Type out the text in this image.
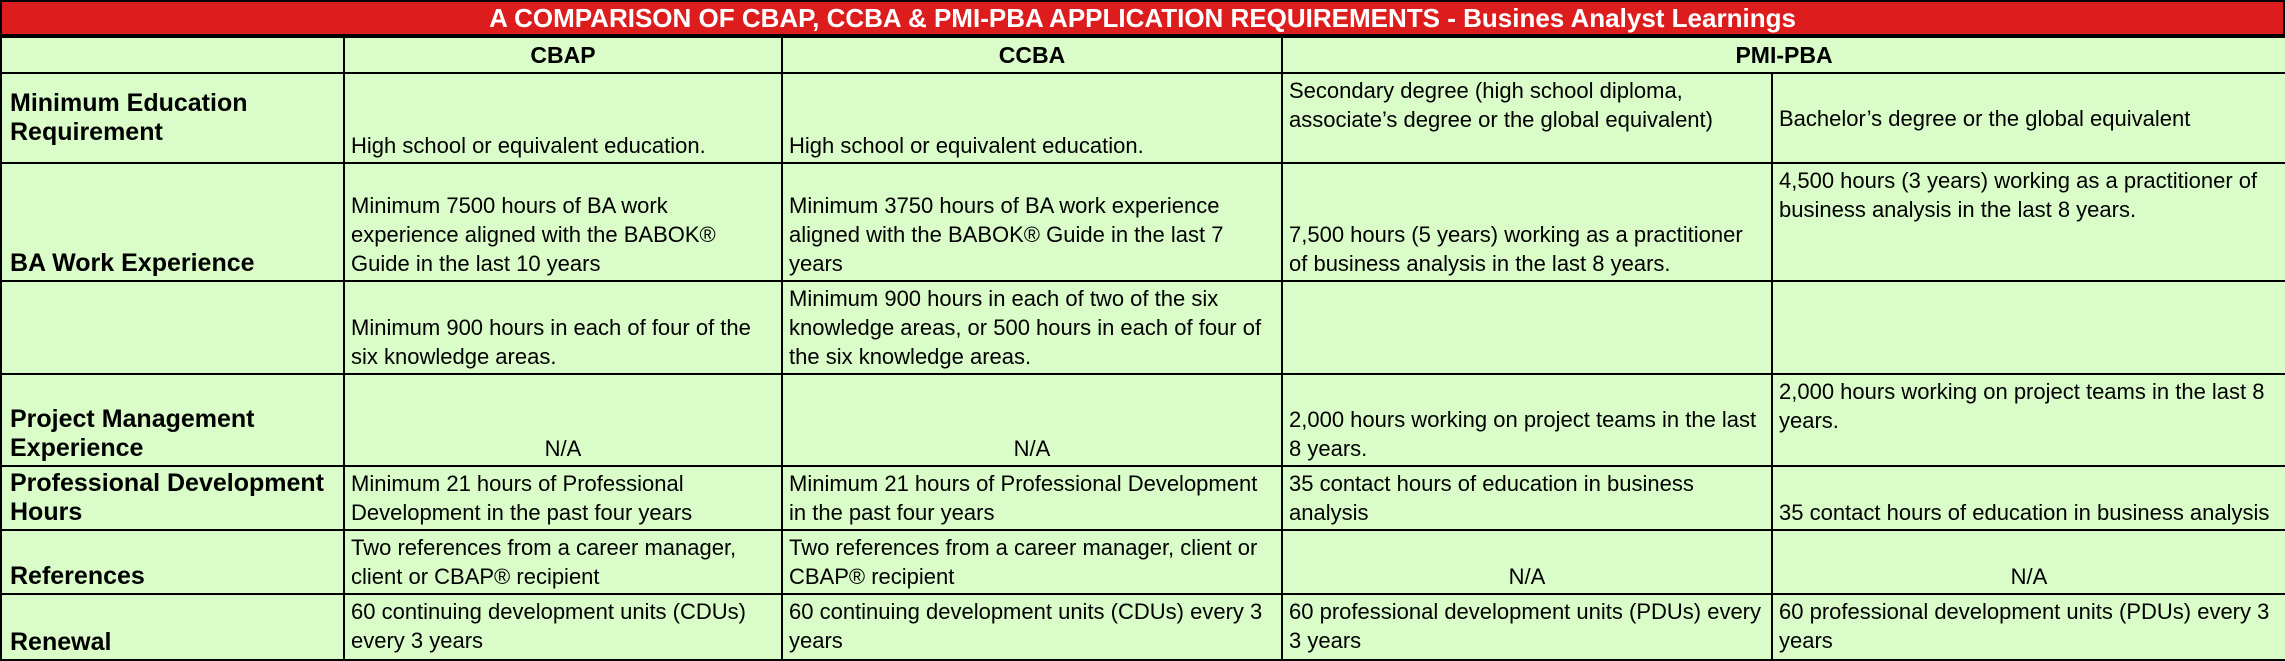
A COMPARISON OF CBAP, CCBA & PMI-PBA APPLICATION REQUIREMENTS - Busines Analyst Learnings
	CBAP	CCBA	PMI-PBA	
Minimum Education Requirement	High school or equivalent education.	High school or equivalent education.	Secondary degree (high school diploma, associate’s degree or the global equivalent)	Bachelor’s degree or the global equivalent
BA Work Experience	Minimum 7500 hours of BA work experience aligned with the BABOK® Guide in the last 10 years	Minimum 3750 hours of BA work experience aligned with the BABOK® Guide in the last 7 years	7,500 hours (5 years) working as a practitioner of business analysis in the last 8 years.	4,500 hours (3 years) working as a practitioner of business analysis in the last 8 years.
	Minimum 900 hours in each of four of the six knowledge areas.	Minimum 900 hours in each of two of the six knowledge areas, or 500 hours in each of four of the six knowledge areas.		
Project Management Experience	N/A	N/A	2,000 hours working on project teams in the last 8 years.	2,000 hours working on project teams in the last 8 years.
Professional Development Hours	Minimum 21 hours of Professional Development in the past four years	Minimum 21 hours of Professional Development in the past four years	35 contact hours of education in business analysis	35 contact hours of education in business analysis
References	Two references from a career manager, client or CBAP® recipient	Two references from a career manager, client or CBAP® recipient	N/A	N/A
Renewal	60 continuing development units (CDUs) every 3 years	60 continuing development units (CDUs) every 3 years	60 professional development units (PDUs) every 3 years	60 professional development units (PDUs) every 3 years
